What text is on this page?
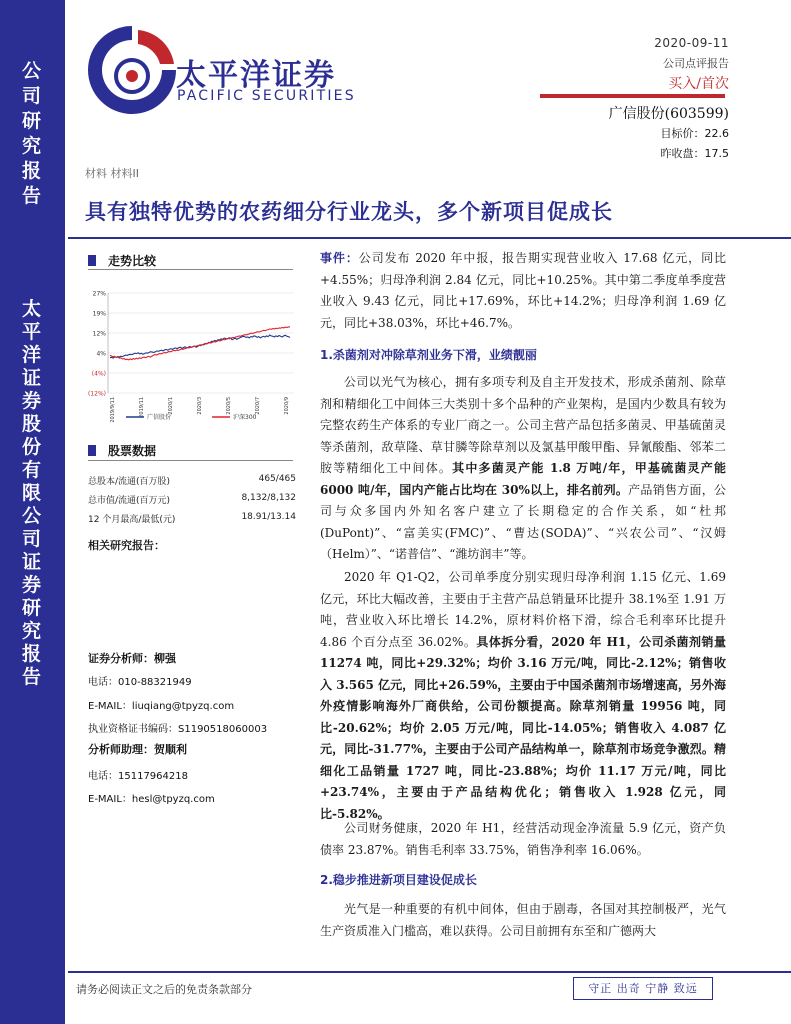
公
司
研
究
报
告
太
平
洋
证
券
股
份
有
限
公
司
证
券
研
究
报
告
太平洋证券
PACIFIC SECURITIES
2020-09-11
公司点评报告
买入/首次
广信股份(603599)
目标价：22.6
昨收盘：17.5
材料 材料II
具有独特优势的农药细分行业龙头，多个新项目促成长
走势比较
27%
19%
12%
4%
(4%)
(12%)
2019/9/11	2019/11	2020/1	2020/3	2020/5	2020/7	2020/9
广信股份	沪深300
股票数据
总股本/流通(百万股)	465/465
总市值/流通(百万元)	8,132/8,132
12 个月最高/最低(元)	18.91/13.14
相关研究报告：
证券分析师：柳强
电话：010-88321949
E-MAIL：liuqiang@tpyzq.com
执业资格证书编码：S1190518060003
分析师助理：贺顺利
电话：15117964218
E-MAIL：hesl@tpyzq.com
事件：公司发布 2020 年中报，报告期实现营业收入 17.68 亿元，同比+4.55%；归母净利润 2.84 亿元，同比+10.25%。其中第二季度单季度营业收入 9.43 亿元，同比+17.69%，环比+14.2%；归母净利润 1.69 亿元，同比+38.03%，环比+46.7%。
1.杀菌剂对冲除草剂业务下滑，业绩靓丽
公司以光气为核心，拥有多项专利及自主开发技术，形成杀菌剂、除草剂和精细化工中间体三大类别十多个品种的产业架构，是国内少数具有较为完整农药生产体系的专业厂商之一。公司主营产品包括多菌灵、甲基硫菌灵等杀菌剂，敌草隆、草甘膦等除草剂以及氯基甲酸甲酯、异氰酸酯、邻苯二胺等精细化工中间体。其中多菌灵产能 1.8 万吨/年，甲基硫菌灵产能 6000 吨/年，国内产能占比均在 30%以上，排名前列。产品销售方面，公司与众多国内外知名客户建立了长期稳定的合作关系，如“杜邦(DuPont)”、“富美实(FMC)”、“曹达(SODA)”、“兴农公司”、“汉姆（Helm）”、“诺普信”、“潍坊润丰”等。
2020 年 Q1-Q2，公司单季度分别实现归母净利润 1.15 亿元、1.69 亿元，环比大幅改善，主要由于主营产品总销量环比提升 38.1%至 1.91 万吨，营业收入环比增长 14.2%，原材料价格下滑，综合毛利率环比提升 4.86 个百分点至 36.02%。具体拆分看，2020 年 H1，公司杀菌剂销量 11274 吨，同比+29.32%；均价 3.16 万元/吨，同比-2.12%；销售收入 3.565 亿元，同比+26.59%，主要由于中国杀菌剂市场增速高，另外海外疫情影响海外厂商供给，公司份额提高。除草剂销量 19956 吨，同比-20.62%；均价 2.05 万元/吨，同比-14.05%；销售收入 4.087 亿元，同比-31.77%，主要由于公司产品结构单一，除草剂市场竞争激烈。精细化工品销量 1727 吨，同比-23.88%；均价 11.17 万元/吨，同比+23.74%，主要由于产品结构优化；销售收入 1.928 亿元，同比-5.82%。
公司财务健康，2020 年 H1，经营活动现金净流量 5.9 亿元，资产负债率 23.87%。销售毛利率 33.75%，销售净利率 16.06%。
2.稳步推进新项目建设促成长
光气是一种重要的有机中间体，但由于剧毒，各国对其控制极严，光气生产资质准入门槛高，难以获得。公司目前拥有东至和广德两大
请务必阅读正文之后的免责条款部分	守正 出奇 宁静 致远
